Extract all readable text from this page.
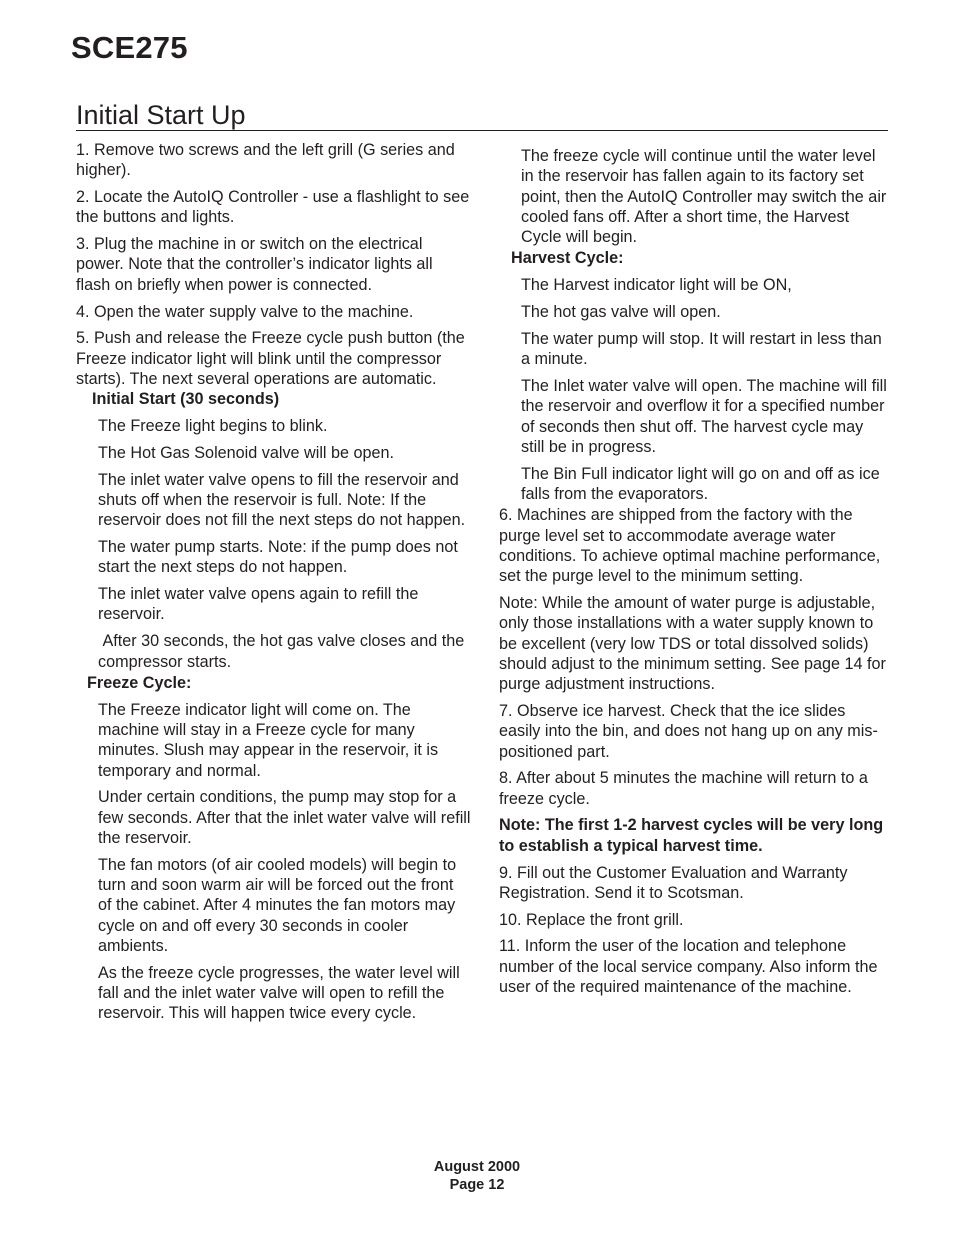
SCE275
Initial Start Up

1. Remove two screws and the left grill (G series and higher).

2. Locate the AutoIQ Controller - use a flashlight to see the buttons and lights.

3. Plug the machine in or switch on the electrical power. Note that the controller’s indicator lights all flash on briefly when power is connected.

4. Open the water supply valve to the machine.

5. Push and release the Freeze cycle push button (the Freeze indicator light will blink until the compressor starts). The next several operations are automatic.

Initial Start (30 seconds)

The Freeze light begins to blink.

The Hot Gas Solenoid valve will be open.

The inlet water valve opens to fill the reservoir and shuts off when the reservoir is full. Note: If the reservoir does not fill the next steps do not happen.

The water pump starts. Note: if the pump does not start the next steps do not happen.

The inlet water valve opens again to refill the reservoir.

After 30 seconds, the hot gas valve closes and the compressor starts.

Freeze Cycle:

The Freeze indicator light will come on. The machine will stay in a Freeze cycle for many minutes. Slush may appear in the reservoir, it is temporary and normal.

Under certain conditions, the pump may stop for a few seconds. After that the inlet water valve will refill the reservoir.

The fan motors (of air cooled models) will begin to turn and soon warm air will be forced out the front of the cabinet. After 4 minutes the fan motors may cycle on and off every 30 seconds in cooler ambients.

As the freeze cycle progresses, the water level will fall and the inlet water valve will open to refill the reservoir. This will happen twice every cycle.

The freeze cycle will continue until the water level in the reservoir has fallen again to its factory set point, then the AutoIQ Controller may switch the air cooled fans off. After a short time, the Harvest Cycle will begin.

Harvest Cycle:

The Harvest indicator light will be ON,

The hot gas valve will open.

The water pump will stop. It will restart in less than a minute.

The Inlet water valve will open. The machine will fill the reservoir and overflow it for a specified number of seconds then shut off. The harvest cycle may still be in progress.

The Bin Full indicator light will go on and off as ice falls from the evaporators.

6. Machines are shipped from the factory with the purge level set to accommodate average water conditions. To achieve optimal machine performance, set the purge level to the minimum setting.

Note: While the amount of water purge is adjustable, only those installations with a water supply known to be excellent (very low TDS or total dissolved solids) should adjust to the minimum setting. See page 14 for purge adjustment instructions.

7. Observe ice harvest. Check that the ice slides easily into the bin, and does not hang up on any mis-positioned part.

8. After about 5 minutes the machine will return to a freeze cycle.

Note: The first 1-2 harvest cycles will be very long to establish a typical harvest time.

9. Fill out the Customer Evaluation and Warranty Registration. Send it to Scotsman.

10. Replace the front grill.

11. Inform the user of the location and telephone number of the local service company. Also inform the user of the required maintenance of the machine.

August 2000
Page 12
